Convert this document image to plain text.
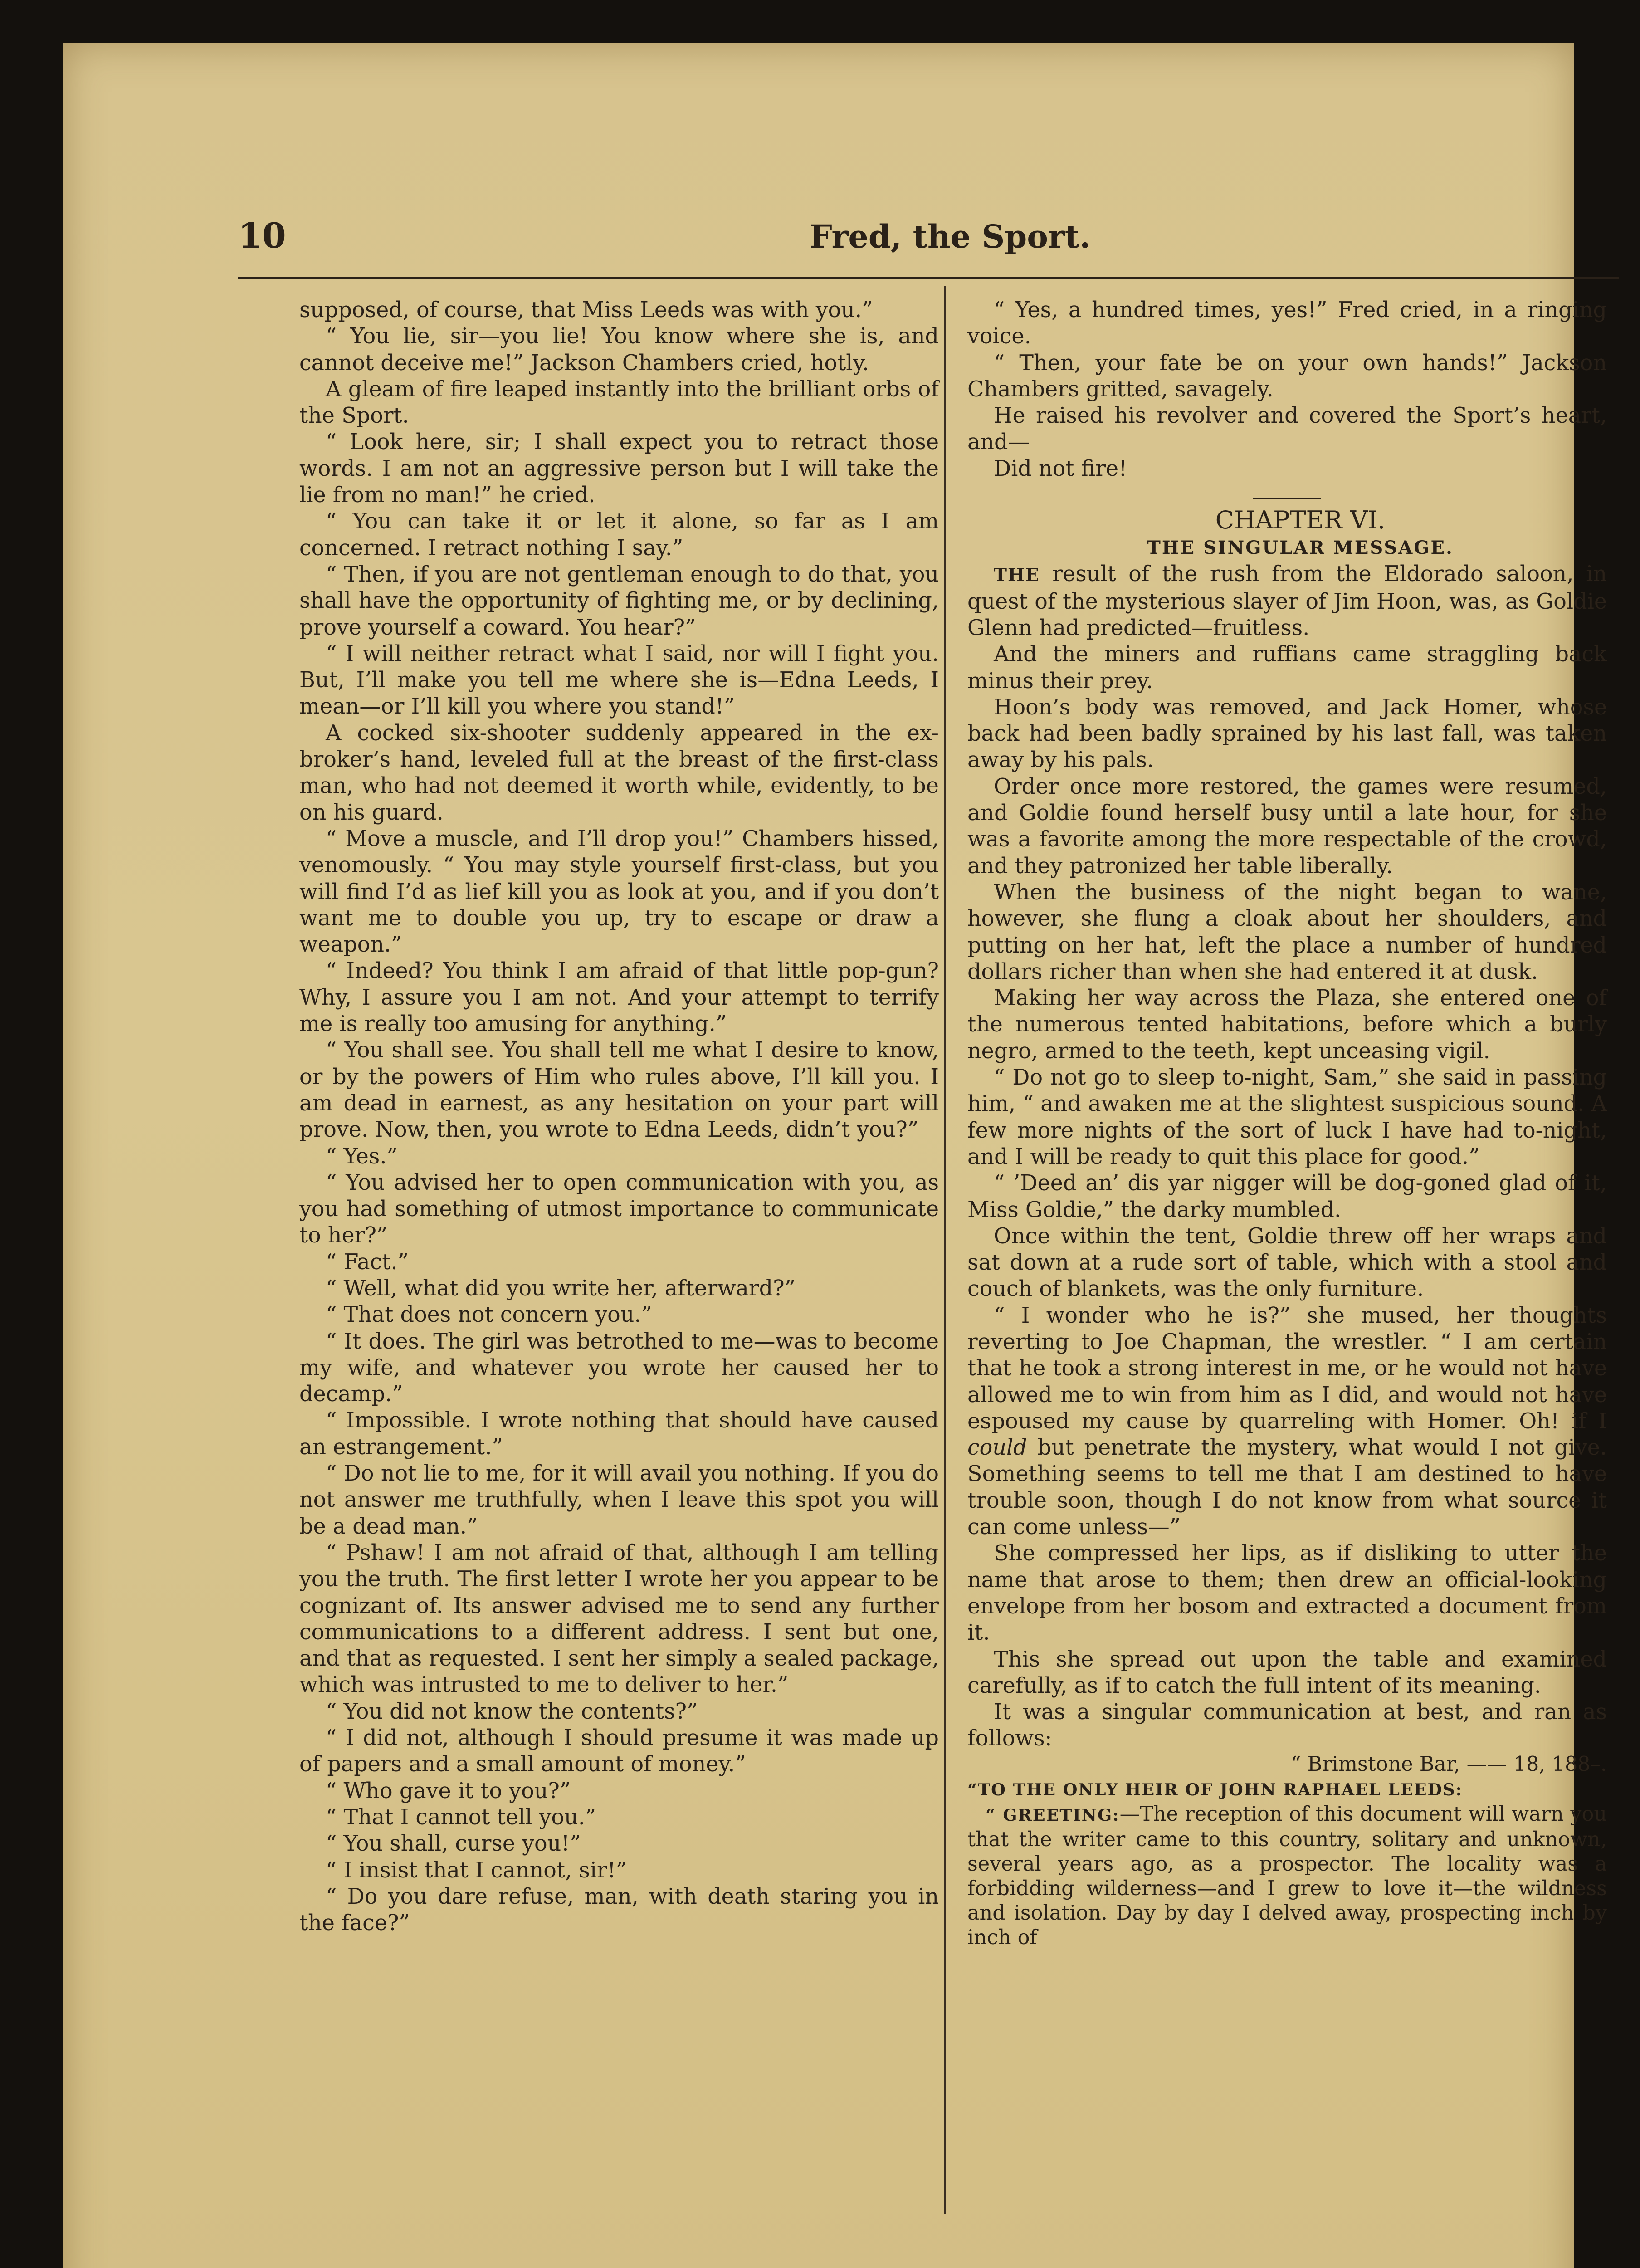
10	Fred, the Sport.

supposed, of course, that Miss Leeds was with you.”

“ You lie, sir—you lie! You know where she is, and cannot deceive me!” Jackson Chambers cried, hotly.

A gleam of fire leaped instantly into the brilliant orbs of the Sport.

“ Look here, sir; I shall expect you to retract those words. I am not an aggressive person but I will take the lie from no man!” he cried.

“ You can take it or let it alone, so far as I am concerned. I retract nothing I say.”

“ Then, if you are not gentleman enough to do that, you shall have the opportunity of fighting me, or by declining, prove yourself a coward. You hear?”

“ I will neither retract what I said, nor will I fight you. But, I’ll make you tell me where she is—Edna Leeds, I mean—or I’ll kill you where you stand!”

A cocked six-shooter suddenly appeared in the ex-broker’s hand, leveled full at the breast of the first-class man, who had not deemed it worth while, evidently, to be on his guard.

“ Move a muscle, and I’ll drop you!” Chambers hissed, venomously. “ You may style yourself first-class, but you will find I’d as lief kill you as look at you, and if you don’t want me to double you up, try to escape or draw a weapon.”

“ Indeed? You think I am afraid of that little pop-gun? Why, I assure you I am not. And your attempt to terrify me is really too amusing for anything.”

“ You shall see. You shall tell me what I desire to know, or by the powers of Him who rules above, I’ll kill you. I am dead in earnest, as any hesitation on your part will prove. Now, then, you wrote to Edna Leeds, didn’t you?”

“ Yes.”

“ You advised her to open communication with you, as you had something of utmost importance to communicate to her?”

“ Fact.”

“ Well, what did you write her, afterward?”

“ That does not concern you.”

“ It does. The girl was betrothed to me—was to become my wife, and whatever you wrote her caused her to decamp.”

“ Impossible. I wrote nothing that should have caused an estrangement.”

“ Do not lie to me, for it will avail you nothing. If you do not answer me truthfully, when I leave this spot you will be a dead man.”

“ Pshaw! I am not afraid of that, although I am telling you the truth. The first letter I wrote her you appear to be cognizant of. Its answer advised me to send any further communications to a different address. I sent but one, and that as requested. I sent her simply a sealed package, which was intrusted to me to deliver to her.”

“ You did not know the contents?”

“ I did not, although I should presume it was made up of papers and a small amount of money.”

“ Who gave it to you?”

“ That I cannot tell you.”

“ You shall, curse you!”

“ I insist that I cannot, sir!”

“ Do you dare refuse, man, with death staring you in the face?”

“ Yes, a hundred times, yes!” Fred cried, in a ringing voice.

“ Then, your fate be on your own hands!” Jackson Chambers gritted, savagely.

He raised his revolver and covered the Sport’s heart, and—

Did not fire!

CHAPTER VI.

THE SINGULAR MESSAGE.

THE result of the rush from the Eldorado saloon, in quest of the mysterious slayer of Jim Hoon, was, as Goldie Glenn had predicted—fruitless.

And the miners and ruffians came straggling back minus their prey.

Hoon’s body was removed, and Jack Homer, whose back had been badly sprained by his last fall, was taken away by his pals.

Order once more restored, the games were resumed, and Goldie found herself busy until a late hour, for she was a favorite among the more respectable of the crowd, and they patronized her table liberally.

When the business of the night began to wane, however, she flung a cloak about her shoulders, and putting on her hat, left the place a number of hundred dollars richer than when she had entered it at dusk.

Making her way across the Plaza, she entered one of the numerous tented habitations, before which a burly negro, armed to the teeth, kept unceasing vigil.

“ Do not go to sleep to-night, Sam,” she said in passing him, “ and awaken me at the slightest suspicious sound. A few more nights of the sort of luck I have had to-night, and I will be ready to quit this place for good.”

“ ’Deed an’ dis yar nigger will be dog-goned glad of it, Miss Goldie,” the darky mumbled.

Once within the tent, Goldie threw off her wraps and sat down at a rude sort of table, which with a stool and couch of blankets, was the only furniture.

“ I wonder who he is?” she mused, her thoughts reverting to Joe Chapman, the wrestler. “ I am certain that he took a strong interest in me, or he would not have allowed me to win from him as I did, and would not have espoused my cause by quarreling with Homer. Oh! if I could but penetrate the mystery, what would I not give. Something seems to tell me that I am destined to have trouble soon, though I do not know from what source it can come unless—”

She compressed her lips, as if disliking to utter the name that arose to them; then drew an official-looking envelope from her bosom and extracted a document from it.

This she spread out upon the table and examined carefully, as if to catch the full intent of its meaning.

It was a singular communication at best, and ran as follows:

“ Brimstone Bar, —— 18, 188–.

“TO THE ONLY HEIR OF JOHN RAPHAEL LEEDS:

“ GREETING:—The reception of this document will warn you that the writer came to this country, solitary and unknown, several years ago, as a prospector. The locality was a forbidding wilderness—and I grew to love it—the wildness and isolation. Day by day I delved away, prospecting inch by inch of
